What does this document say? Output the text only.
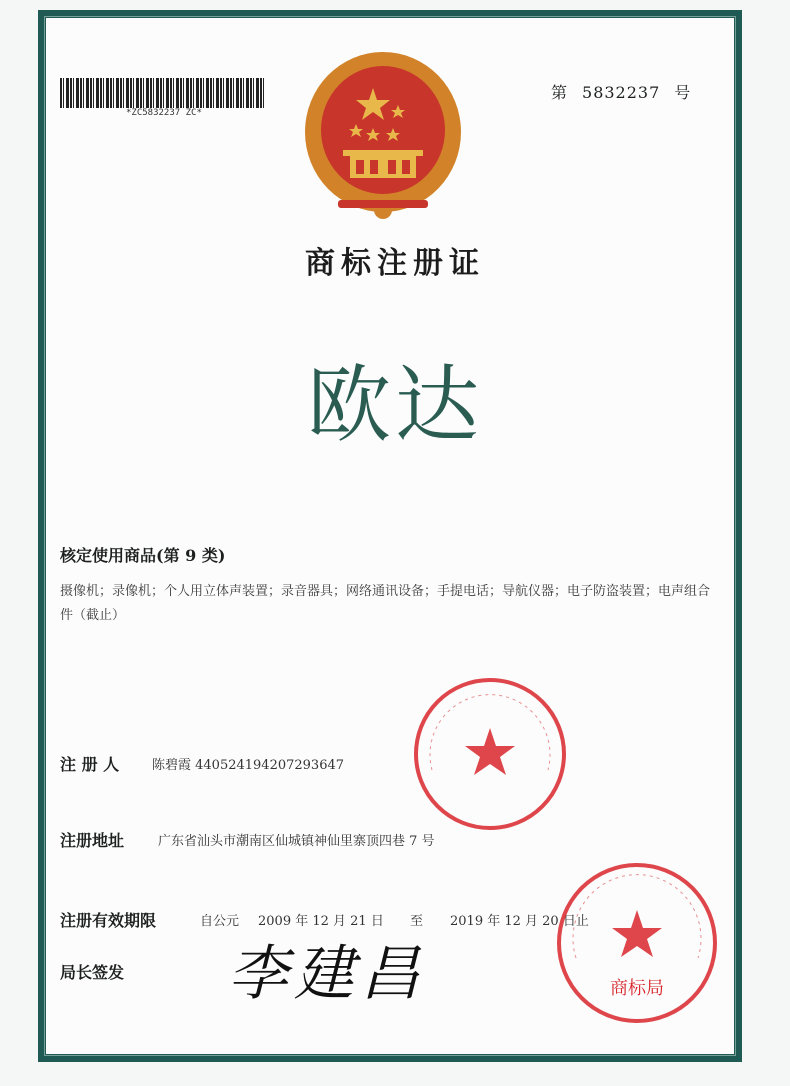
*ZC5832237 ZC*
第 5832237 号
商标注册证
欧达
核定使用商品(第 9 类)
摄像机；录像机；个人用立体声装置；录音器具；网络通讯设备；手提电话；导航仪器；电子防盗装置；电声组合件（截止）
注 册 人	陈碧霞 440524194207293647
注册地址	广东省汕头市潮南区仙城镇神仙里寨顶四巷 7 号
注册有效期限	自公元 2009 年 12 月 21 日 至 2019 年 12 月 20 日止
局长签发 李建昌	商标局
